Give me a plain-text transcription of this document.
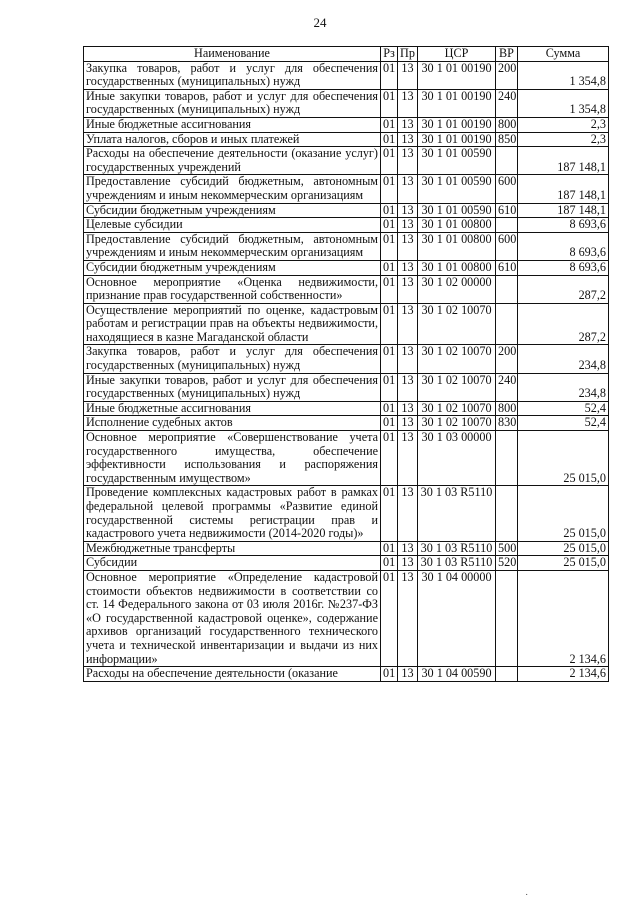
24
Наименование	Рз	Пр	ЦСР	ВР	Сумма
Закупка товаров, работ и услуг для обеспечения государственных (муниципальных) нужд	01	13	30 1 01 00190	200	1 354,8
Иные закупки товаров, работ и услуг для обеспечения государственных (муниципальных) нужд	01	13	30 1 01 00190	240	1 354,8
Иные бюджетные ассигнования	01	13	30 1 01 00190	800	2,3
Уплата налогов, сборов и иных платежей	01	13	30 1 01 00190	850	2,3
Расходы на обеспечение деятельности (оказание услуг) государственных учреждений	01	13	30 1 01 00590		187 148,1
Предоставление субсидий бюджетным, автономным учреждениям и иным некоммерческим организациям	01	13	30 1 01 00590	600	187 148,1
Субсидии бюджетным учреждениям	01	13	30 1 01 00590	610	187 148,1
Целевые субсидии	01	13	30 1 01 00800		8 693,6
Предоставление субсидий бюджетным, автономным учреждениям и иным некоммерческим организациям	01	13	30 1 01 00800	600	8 693,6
Субсидии бюджетным учреждениям	01	13	30 1 01 00800	610	8 693,6
Основное мероприятие «Оценка недвижимости, признание прав государственной собственности»	01	13	30 1 02 00000		287,2
Осуществление мероприятий по оценке, кадастровым работам и регистрации прав на объекты недвижимости, находящиеся в казне Магаданской области	01	13	30 1 02 10070		287,2
Закупка товаров, работ и услуг для обеспечения государственных (муниципальных) нужд	01	13	30 1 02 10070	200	234,8
Иные закупки товаров, работ и услуг для обеспечения государственных (муниципальных) нужд	01	13	30 1 02 10070	240	234,8
Иные бюджетные ассигнования	01	13	30 1 02 10070	800	52,4
Исполнение судебных актов	01	13	30 1 02 10070	830	52,4
Основное мероприятие «Совершенствование учета государственного имущества, обеспечение эффективности использования и распоряжения государственным имуществом»	01	13	30 1 03 00000		25 015,0
Проведение комплексных кадастровых работ в рамках федеральной целевой программы «Развитие единой государственной системы регистрации прав и кадастрового учета недвижимости (2014-2020 годы)»	01	13	30 1 03 R5110		25 015,0
Межбюджетные трансферты	01	13	30 1 03 R5110	500	25 015,0
Субсидии	01	13	30 1 03 R5110	520	25 015,0
Основное мероприятие «Определение кадастровой стоимости объектов недвижимости в соответствии со ст. 14 Федерального закона от 03 июля 2016г. №237-ФЗ «О государственной кадастровой оценке», содержание архивов организаций государственного технического учета и технической инвентаризации и выдачи из них информации»	01	13	30 1 04 00000		2 134,6
Расходы на обеспечение деятельности (оказание	01	13	30 1 04 00590		2 134,6
˙
